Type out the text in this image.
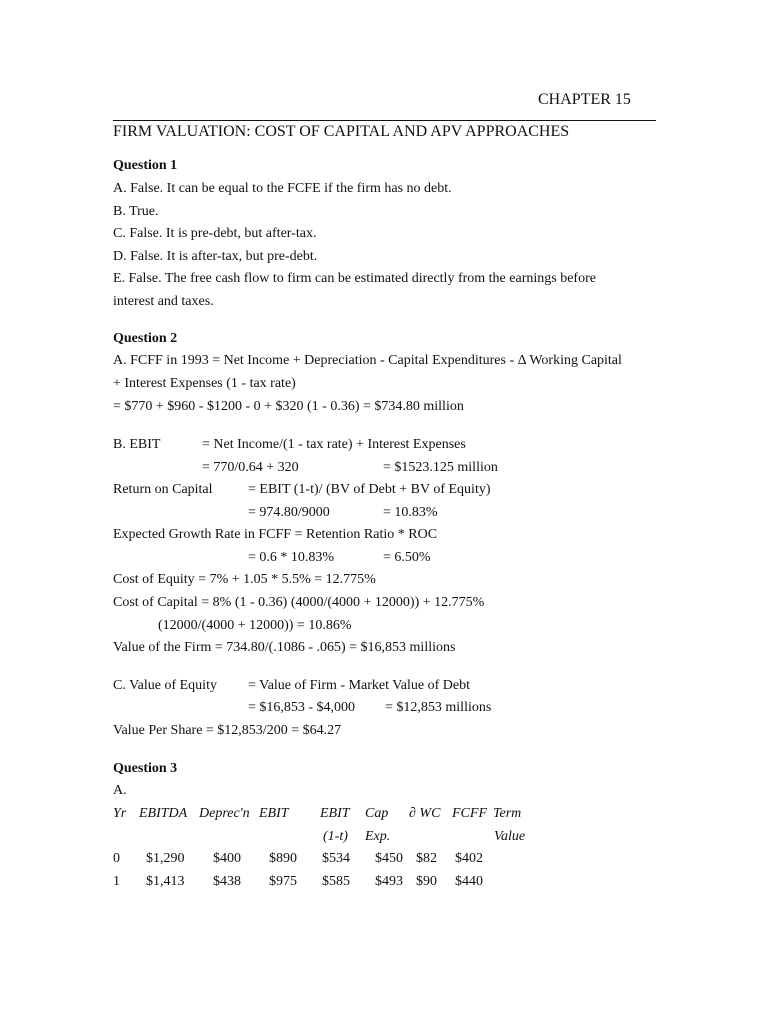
CHAPTER 15
FIRM VALUATION: COST OF CAPITAL AND APV APPROACHES
Question 1
A. False. It can be equal to the FCFE if the firm has no debt.
B. True.
C. False. It is pre-debt, but after-tax.
D. False. It is after-tax, but pre-debt.
E. False. The free cash flow to firm can be estimated directly from the earnings before
interest and taxes.
Question 2
A. FCFF in 1993 = Net Income + Depreciation - Capital Expenditures - Δ Working Capital
+ Interest Expenses (1 - tax rate)
= $770 + $960 - $1200 - 0 + $320 (1 - 0.36) = $734.80 million
B. EBIT	= Net Income/(1 - tax rate) + Interest Expenses
= 770/0.64 + 320	= $1523.125 million
Return on Capital	= EBIT (1-t)/ (BV of Debt + BV of Equity)
= 974.80/9000	= 10.83%
Expected Growth Rate in FCFF = Retention Ratio * ROC
= 0.6 * 10.83%	= 6.50%
Cost of Equity = 7% + 1.05 * 5.5% = 12.775%
Cost of Capital = 8% (1 - 0.36) (4000/(4000 + 12000)) + 12.775%
(12000/(4000 + 12000)) = 10.86%
Value of the Firm = 734.80/(.1086 - .065) = $16,853 millions
C. Value of Equity = Value of Firm - Market Value of Debt
= $16,853 - $4,000 = $12,853 millions
Value Per Share = $12,853/200 = $64.27
Question 3
A.
Yr EBITDA Deprec'n EBIT EBIT Cap ∂ WC FCFF Term
(1-t) Exp.	Value
0 $1,290 $400 $890 $534 $450 $82 $402
1 $1,413 $438 $975 $585 $493 $90 $440
